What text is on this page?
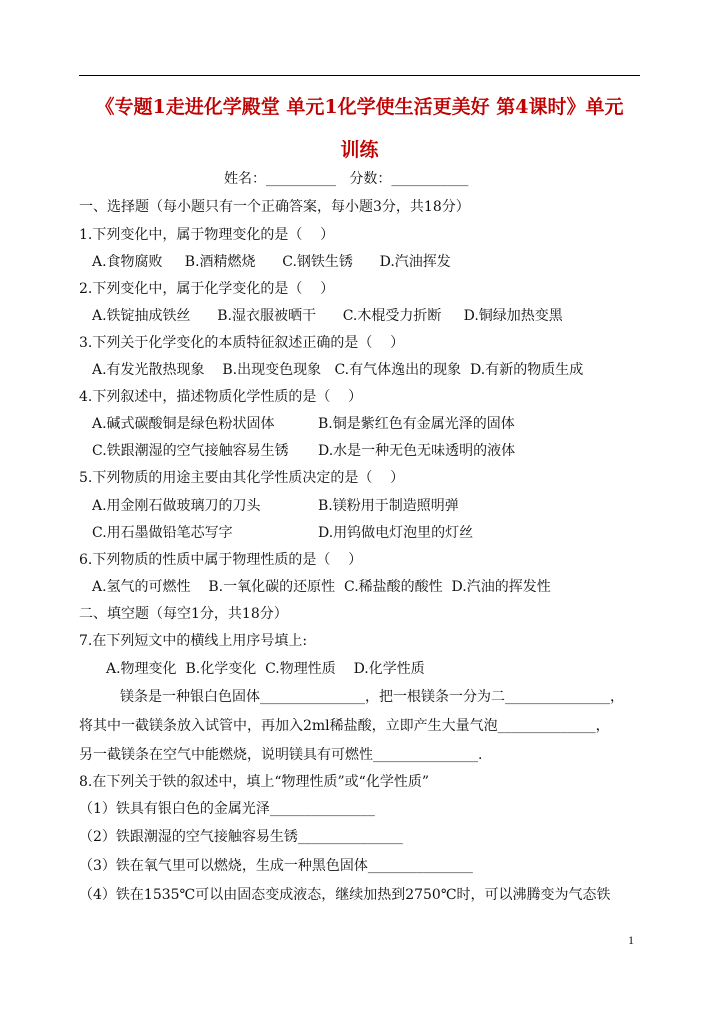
《专题1走进化学殿堂 单元1化学使生活更美好 第4课时》单元
训练
姓名：__________   分数：___________
一、选择题（每小题只有一个正确答案，每小题3分，共18分）
1.下列变化中，属于物理变化的是（    ）
A.食物腐败     B.酒精燃烧      C.钢铁生锈      D.汽油挥发
2.下列变化中，属于化学变化的是（    ）
A.铁锭抽成铁丝      B.湿衣服被晒干      C.木棍受力折断     D.铜绿加热变黑
3.下列关于化学变化的本质特征叙述正确的是（    ）
A.有发光散热现象    B.出现变色现象   C.有气体逸出的现象  D.有新的物质生成
4.下列叙述中，描述物质化学性质的是（    ）
A.碱式碳酸铜是绿色粉状固体	B.铜是紫红色有金属光泽的固体
C.铁跟潮湿的空气接触容易生锈 D.水是一种无色无味透明的液体
5.下列物质的用途主要由其化学性质决定的是（    ）
A.用金刚石做玻璃刀的刀头	B.镁粉用于制造照明弹
C.用石墨做铅笔芯写字	D.用钨做电灯泡里的灯丝
6.下列物质的性质中属于物理性质的是（    ）
A.氢气的可燃性    B.一氧化碳的还原性  C.稀盐酸的酸性  D.汽油的挥发性
二、填空题（每空1分，共18分）
7.在下列短文中的横线上用序号填上:
A.物理变化  B.化学变化  C.物理性质    D.化学性质
镁条是一种银白色固体_______________，把一根镁条一分为二_______________，
将其中一截镁条放入试管中，再加入2ml稀盐酸，立即产生大量气泡______________，
另一截镁条在空气中能燃烧，说明镁具有可燃性_______________.
8.在下列关于铁的叙述中，填上“物理性质”或“化学性质”
（1）铁具有银白色的金属光泽_______________
（2）铁跟潮湿的空气接触容易生锈_______________
（3）铁在氧气里可以燃烧，生成一种黑色固体_______________
（4）铁在1535℃可以由固态变成液态，继续加热到2750℃时，可以沸腾变为气态铁
1
